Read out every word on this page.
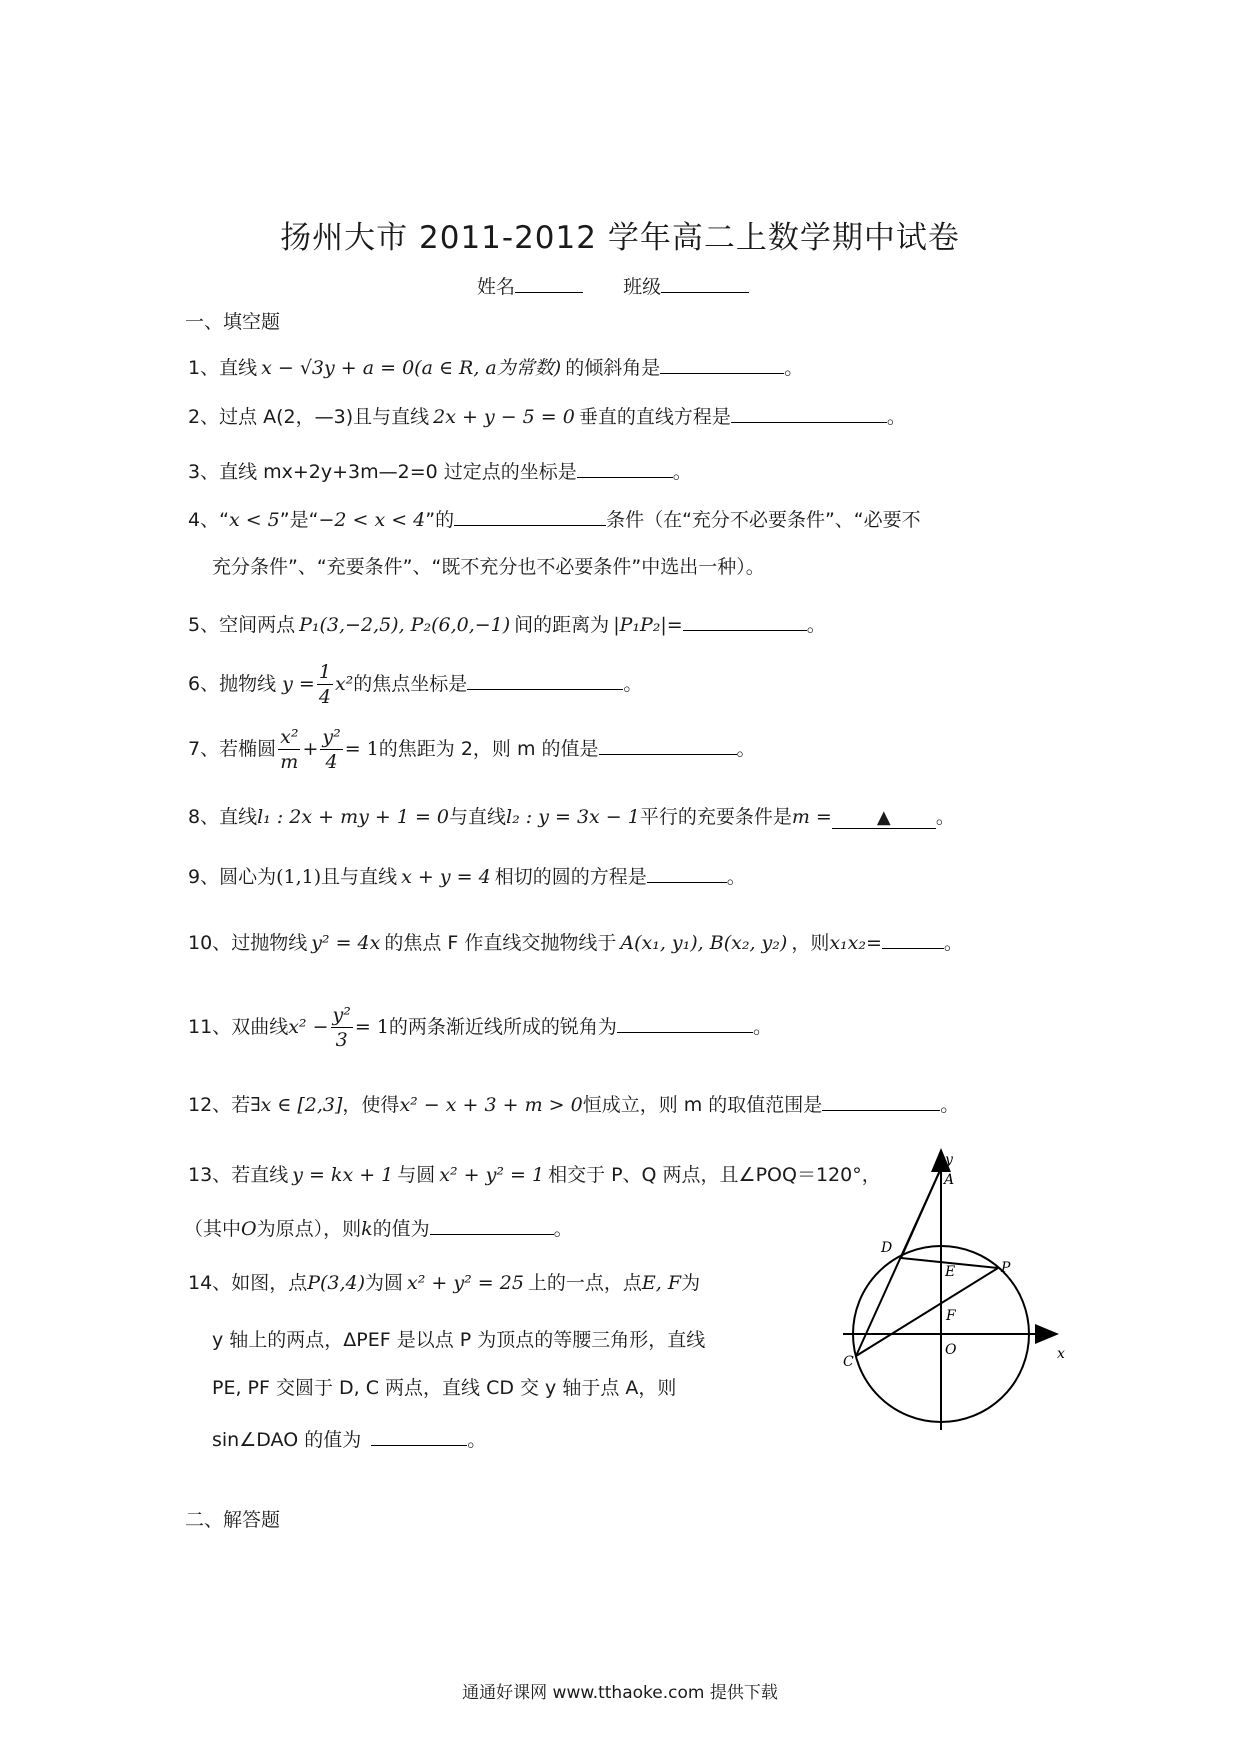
扬州大市 2011-2012 学年高二上数学期中试卷
姓名	班级
一、填空题
1、直线 x − √3y + a = 0(a ∈ R, a为常数) 的倾斜角是	。
2、过点 A(2，—3)且与直线 2x + y − 5 = 0 垂直的直线方程是	。
3、直线 mx+2y+3m—2=0 过定点的坐标是	。
4、“x < 5”是“−2 < x < 4”的	条件（在“充分不必要条件”、“必要不
充分条件”、“充要条件”、“既不充分也不必要条件”中选出一种）。
5、空间两点 P₁(3,−2,5), P₂(6,0,−1) 间的距离为 |P₁P₂|=	。
6、抛物线 $y = \frac{1}{4} x^2$的焦点坐标是	。
7、若椭圆 $\frac{\text{x²}}{m} + \frac{\text{y²}}{4} = 1$的焦距为 2，则 m 的值是	。
8、直线l₁ : 2x + my + 1 = 0与直线l₂ : y = 3x − 1平行的充要条件是m =	▲ 。
9、圆心为(1,1)且与直线 x + y = 4 相切的圆的方程是	。
10、过抛物线 y² = 4x 的焦点 F 作直线交抛物线于 A(x₁, y₁), B(x₂, y₂) ，则x₁x₂=	。
11、双曲线$x^2 - \frac{\text{y²}}{3} = 1$的两条渐近线所成的锐角为	。
12、若∃x ∈ [2,3]，使得x² − x + 3 + m > 0恒成立，则 m 的取值范围是	。
13、若直线 y = kx + 1 与圆 x² + y² = 1 相交于 P、Q 两点，且∠POQ＝120°，
（其中O为原点），则k的值为	。
14、如图，点P(3,4)为圆 x² + y² = 25 上的一点，点E, F为
y 轴上的两点，ΔPEF 是以点 P 为顶点的等腰三角形，直线
PE, PF 交圆于 D, C 两点，直线 CD 交 y 轴于点 A，则
sin∠DAO 的值为	。
y
A
D
E	P
F
O
C	x
二、解答题
通通好课网 www.tthaoke.com 提供下载
